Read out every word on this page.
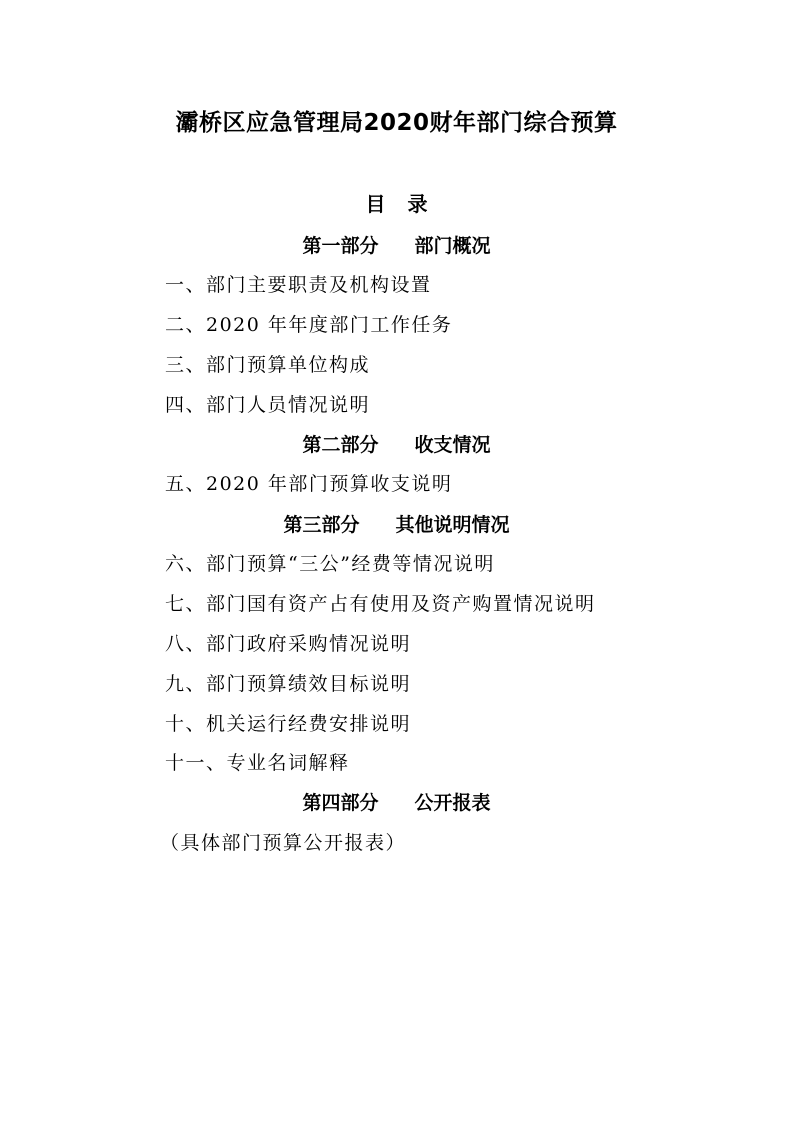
灞桥区应急管理局2020财年部门综合预算
目 录
第一部分 部门概况
一、部门主要职责及机构设置
二、2020 年年度部门工作任务
三、部门预算单位构成
四、部门人员情况说明
第二部分 收支情况
五、2020 年部门预算收支说明
第三部分 其他说明情况
六、部门预算“三公”经费等情况说明
七、部门国有资产占有使用及资产购置情况说明
八、部门政府采购情况说明
九、部门预算绩效目标说明
十、机关运行经费安排说明
十一、专业名词解释
第四部分 公开报表
（具体部门预算公开报表）
